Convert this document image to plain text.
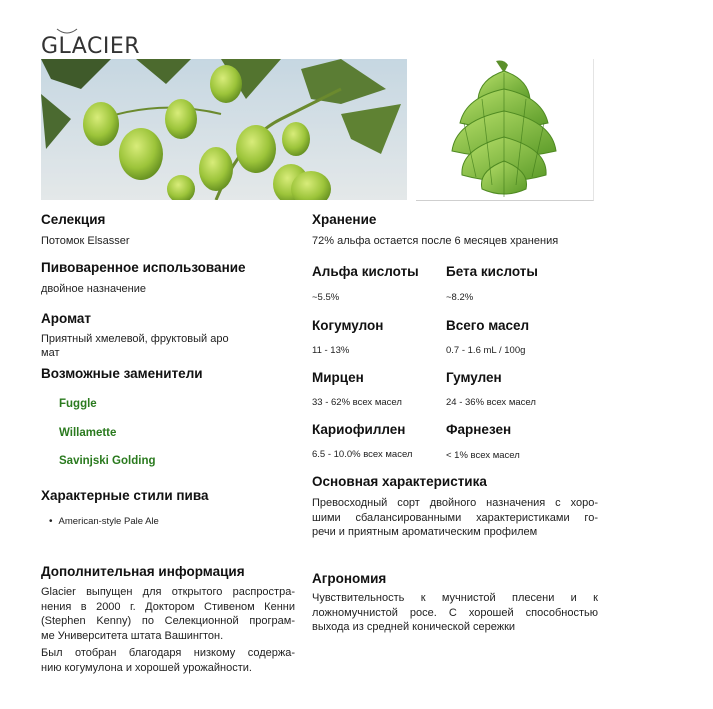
GLACIER
Селекция
Потомок Elsasser
Пивоваренное использование
двойное назначение
Аромат
Приятный хмелевой, фруктовый аро
мат
Возможные заменители
Fuggle
Willamette
Savinjski Golding
Характерные стили пива
• American-style Pale Ale
Дополнительная информация
Glacier выпущен для открытого распростра-
нения в 2000 г. Доктором Стивеном Кенни
(Stephen Kenny) по Селекционной програм-
ме Университета штата Вашингтон.
Был отобран благодаря низкому содержа-
нию когумулона и хорошей урожайности.
Хранение
72% альфа остается после 6 месяцев хранения
Альфа кислоты
~5.5%
Бета кислоты
~8.2%
Когумулон
11 - 13%
Всего масел
0.7 - 1.6 mL / 100g
Мирцен
33 - 62% всех масел
Гумулен
24 - 36% всех масел
Кариофиллен
6.5 - 10.0% всех масел
Фарнезен
< 1% всех масел
Основная характеристика
Превосходный сорт двойного назначения с хоро-
шими сбалансированными характеристиками го-
речи и приятным ароматическим профилем
Агрономия
Чувствительность к мучнистой плесени и к
ложномучнистой росе. С хорошей способностью
выхода из средней конической сережки
